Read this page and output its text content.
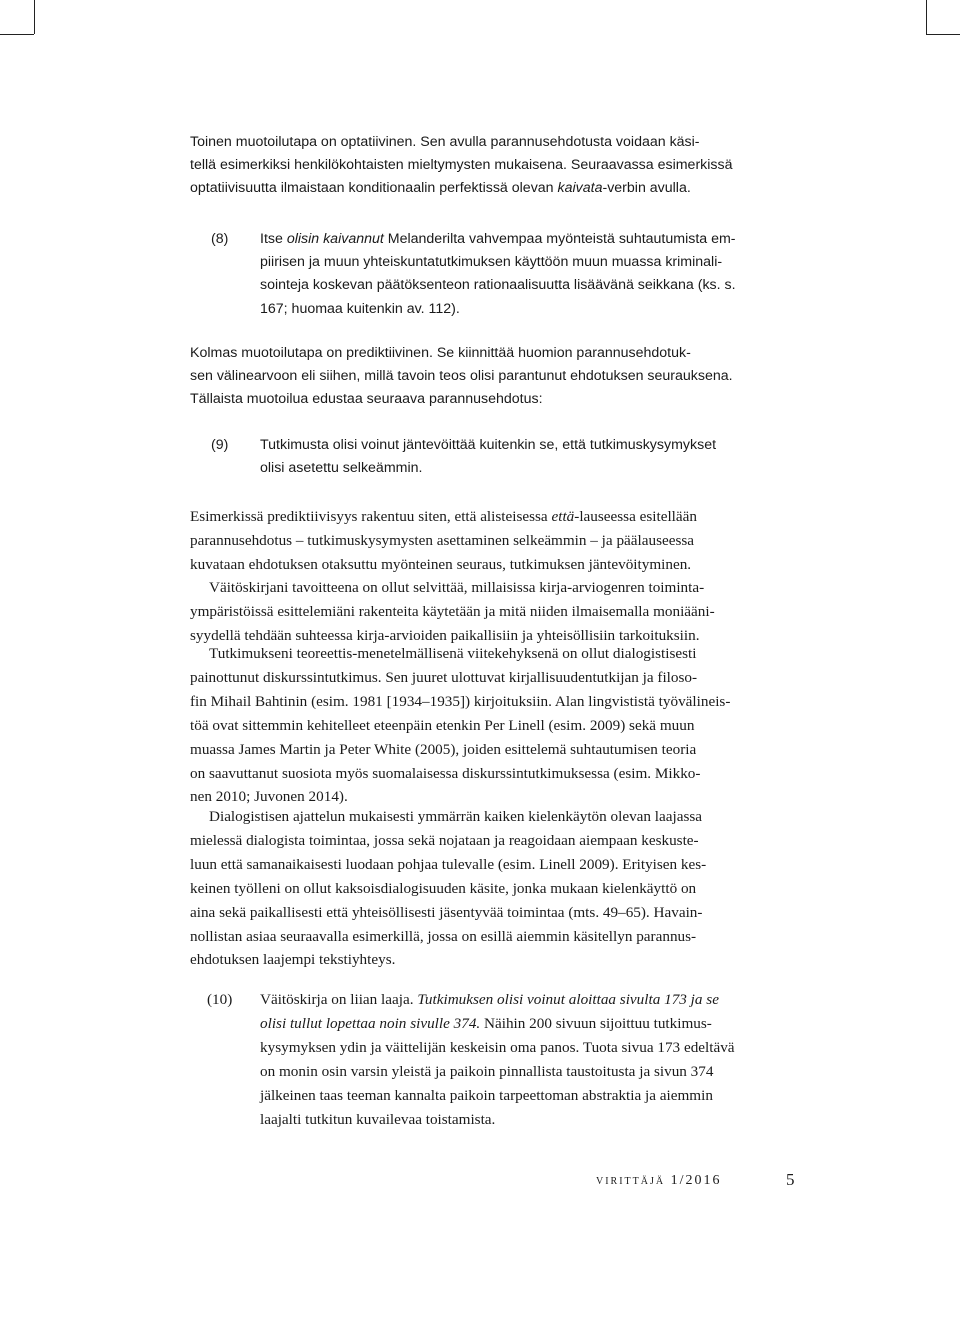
Toinen muotoilutapa on optatiivinen. Sen avulla parannusehdotusta voidaan käsi-
tellä esimerkiksi henkilökohtaisten mieltymysten mukaisena. Seuraavassa esimerkissä
optatiivisuutta ilmaistaan konditionaalin perfektissä olevan kaivata-verbin avulla.
(8) Itse olisin kaivannut Melanderilta vahvempaa myönteistä suhtautumista em-
piirisen ja muun yhteiskuntatutkimuksen käyttöön muun muassa kriminali-
sointeja koskevan päätöksenteon rationaalisuutta lisäävänä seikkana (ks. s.
167; huomaa kuitenkin av. 112).
Kolmas muotoilutapa on prediktiivinen. Se kiinnittää huomion parannusehdotuk-
sen välinearvoon eli siihen, millä tavoin teos olisi parantunut ehdotuksen seurauksena.
Tällaista muotoilua edustaa seuraava parannusehdotus:
(9) Tutkimusta olisi voinut jäntevöittää kuitenkin se, että tutkimuskysymykset
olisi asetettu selkeämmin.
Esimerkissä prediktiivisyys rakentuu siten, että alisteisessa että-lauseessa esitellään
parannusehdotus – tutkimuskysymysten asettaminen selkeämmin – ja päälauseessa
kuvataan ehdotuksen otaksuttu myönteinen seuraus, tutkimuksen jäntevöityminen.
Väitöskirjani tavoitteena on ollut selvittää, millaisissa kirja-arviogenren toiminta-
ympäristöissä esittelemiäni rakenteita käytetään ja mitä niiden ilmaisemalla moniääni-
syydellä tehdään suhteessa kirja-arvioiden paikallisiin ja yhteisöllisiin tarkoituksiin.
Tutkimukseni teoreettis-menetelmällisenä viitekehyksenä on ollut dialogistisesti
painottunut diskurssintutkimus. Sen juuret ulottuvat kirjallisuudentutkijan ja filoso-
fin Mihail Bahtinin (esim. 1981 [1934–1935]) kirjoituksiin. Alan lingvististä työvälineis-
töä ovat sittemmin kehitelleet eteenpäin etenkin Per Linell (esim. 2009) sekä muun
muassa James Martin ja Peter White (2005), joiden esittelemä suhtautumisen teoria
on saavuttanut suosiota myös suomalaisessa diskurssintutkimuksessa (esim. Mikko-
nen 2010; Juvonen 2014).
Dialogistisen ajattelun mukaisesti ymmärrän kaiken kielenkäytön olevan laajassa
mielessä dialogista toimintaa, jossa sekä nojataan ja reagoidaan aiempaan keskuste-
luun että samanaikaisesti luodaan pohjaa tulevalle (esim. Linell 2009). Erityisen kes-
keinen työlleni on ollut kaksoisdialogisuuden käsite, jonka mukaan kielenkäyttö on
aina sekä paikallisesti että yhteisöllisesti jäsentyvää toimintaa (mts. 49–65). Havain-
nollistan asiaa seuraavalla esimerkillä, jossa on esillä aiemmin käsitellyn parannus-
ehdotuksen laajempi tekstiyhteys.
(10) Väitöskirja on liian laaja. Tutkimuksen olisi voinut aloittaa sivulta 173 ja se
olisi tullut lopettaa noin sivulle 374. Näihin 200 sivuun sijoittuu tutkimus-
kysymyksen ydin ja väittelijän keskeisin oma panos. Tuota sivua 173 edeltävä
on monin osin varsin yleistä ja paikoin pinnallista taustoitusta ja sivun 374
jälkeinen taas teeman kannalta paikoin tarpeettoman abstraktia ja aiemmin
laajalti tutkitun kuvailevaa toistamista.
virittäjä 1/2016	5
